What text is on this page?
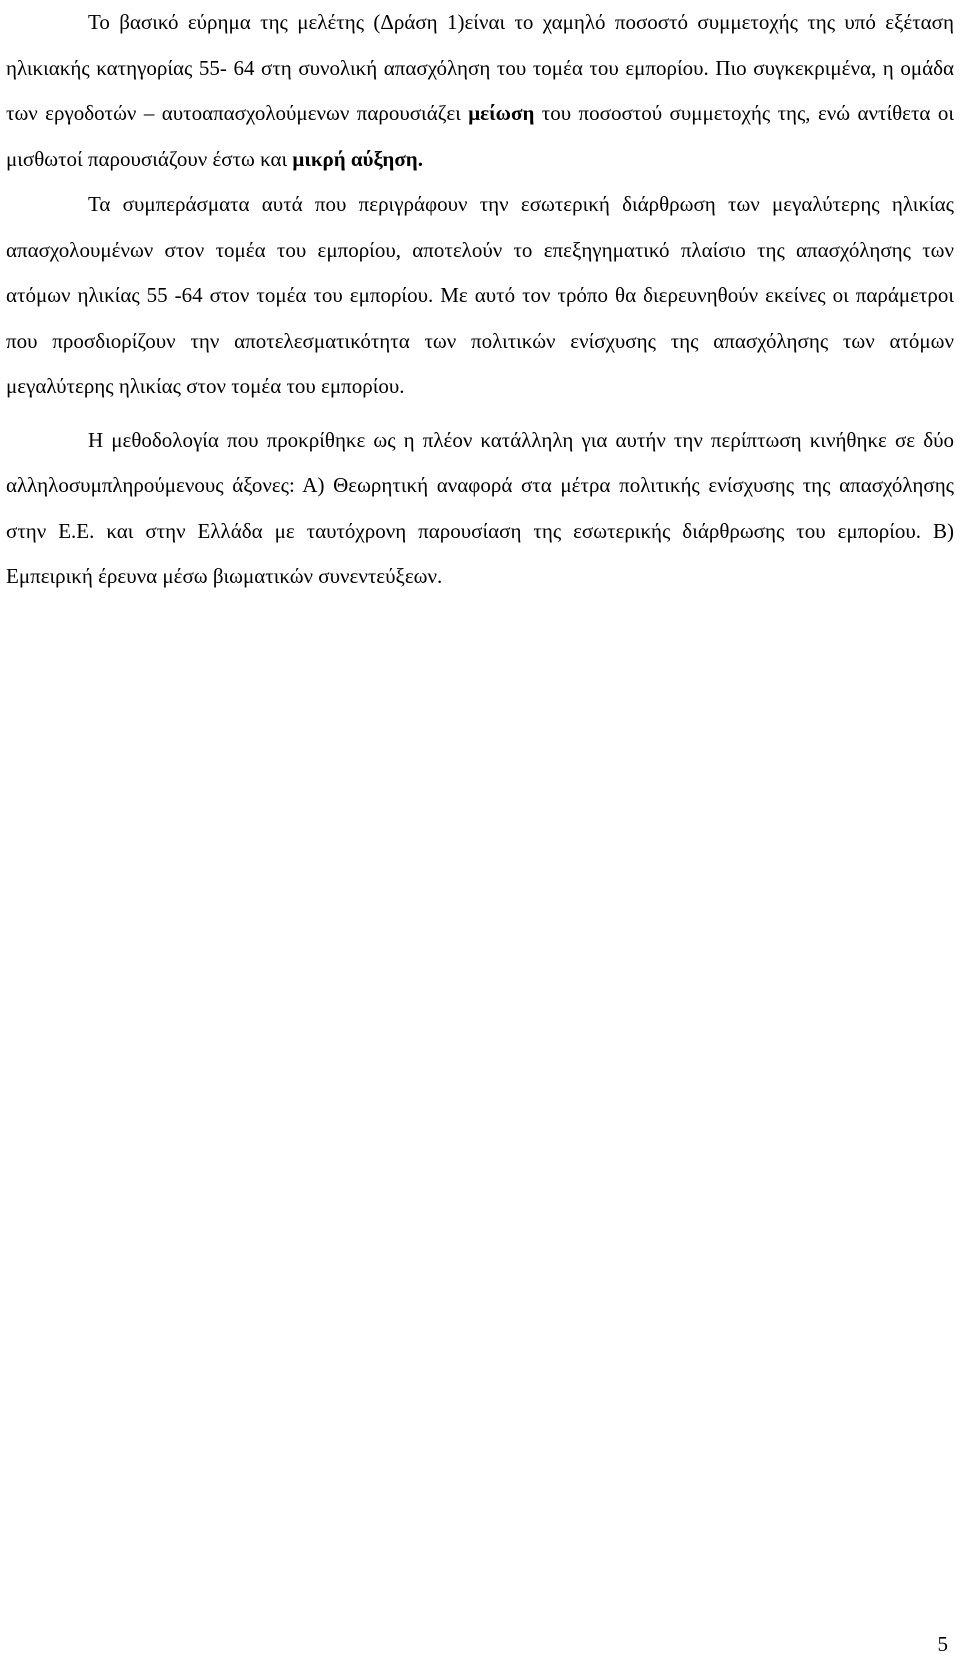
Το βασικό εύρημα της μελέτης (Δράση 1)είναι το χαμηλό ποσοστό συμμετοχής της υπό εξέταση ηλικιακής κατηγορίας 55- 64 στη συνολική απασχόληση του τομέα του εμπορίου. Πιο συγκεκριμένα, η ομάδα των εργοδοτών – αυτοαπασχολούμενων παρουσιάζει μείωση του ποσοστού συμμετοχής της, ενώ αντίθετα οι μισθωτοί παρουσιάζουν έστω και μικρή αύξηση.

Τα συμπεράσματα αυτά που περιγράφουν την εσωτερική διάρθρωση των μεγαλύτερης ηλικίας απασχολουμένων στον τομέα του εμπορίου, αποτελούν το επεξηγηματικό πλαίσιο της απασχόλησης των ατόμων ηλικίας 55 -64 στον τομέα του εμπορίου. Με αυτό τον τρόπο θα διερευνηθούν εκείνες οι παράμετροι που προσδιορίζουν την αποτελεσματικότητα των πολιτικών ενίσχυσης της απασχόλησης των ατόμων μεγαλύτερης ηλικίας στον τομέα του εμπορίου.

Η μεθοδολογία που προκρίθηκε ως η πλέον κατάλληλη για αυτήν την περίπτωση κινήθηκε σε δύο αλληλοσυμπληρούμενους άξονες: Α) Θεωρητική αναφορά στα μέτρα πολιτικής ενίσχυσης της απασχόλησης στην Ε.Ε. και στην Ελλάδα με ταυτόχρονη παρουσίαση της εσωτερικής διάρθρωσης του εμπορίου. Β) Εμπειρική έρευνα μέσω βιωματικών συνεντεύξεων.

5
